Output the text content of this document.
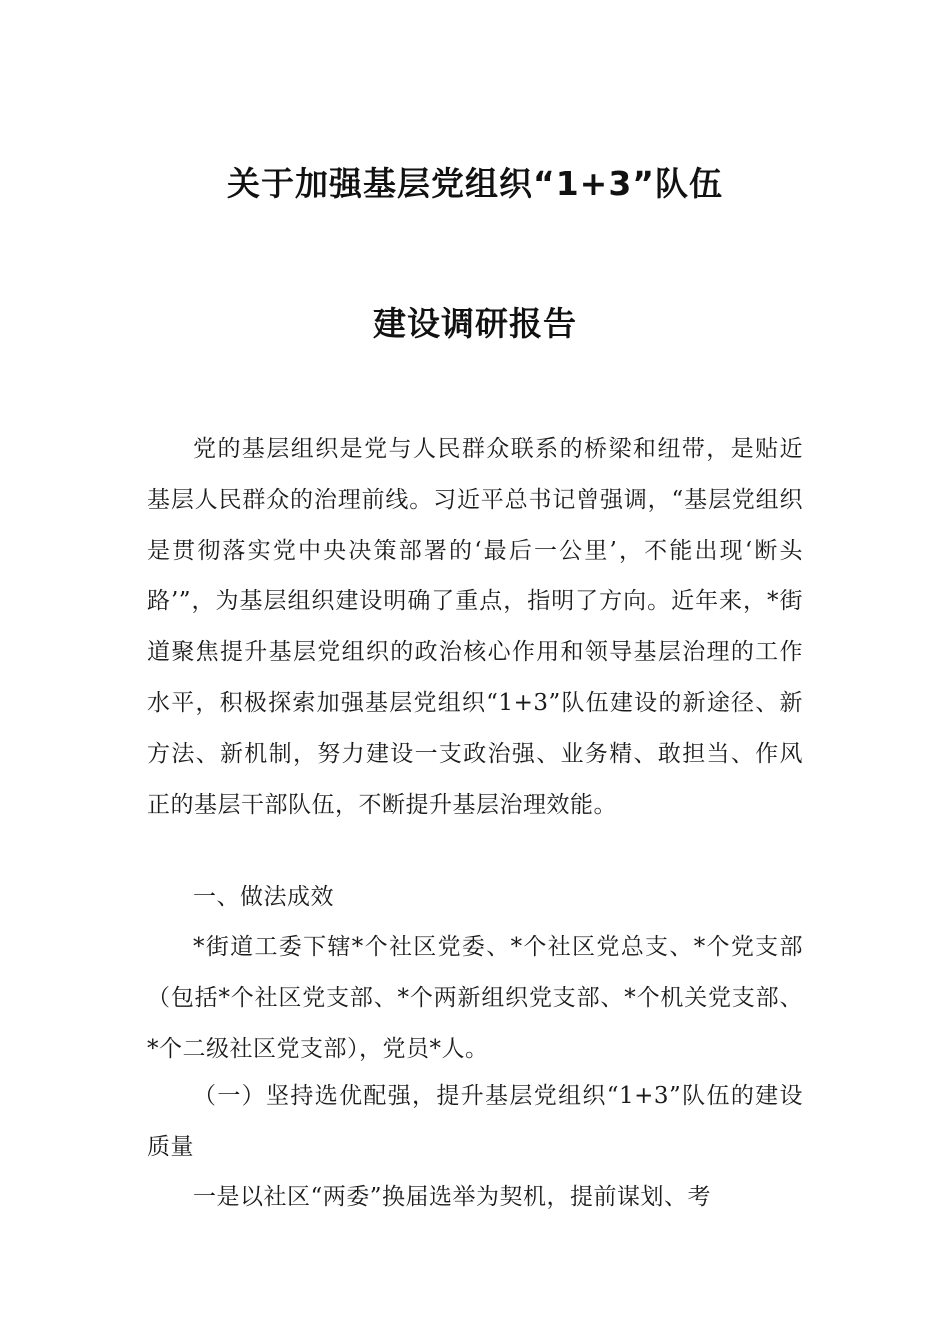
关于加强基层党组织“1+3”队伍
建设调研报告

党的基层组织是党与人民群众联系的桥梁和纽带，是贴近基层人民群众的治理前线。习近平总书记曾强调，“基层党组织是贯彻落实党中央决策部署的‘最后一公里’，不能出现‘断头路’”，为基层组织建设明确了重点，指明了方向。近年来，*街道聚焦提升基层党组织的政治核心作用和领导基层治理的工作水平，积极探索加强基层党组织“1+3”队伍建设的新途径、新方法、新机制，努力建设一支政治强、业务精、敢担当、作风正的基层干部队伍，不断提升基层治理效能。

一、做法成效

*街道工委下辖*个社区党委、*个社区党总支、*个党支部（包括*个社区党支部、*个两新组织党支部、*个机关党支部、*个二级社区党支部），党员*人。

（一）坚持选优配强，提升基层党组织“1+3”队伍的建设质量

一是以社区“两委”换届选举为契机，提前谋划、考
